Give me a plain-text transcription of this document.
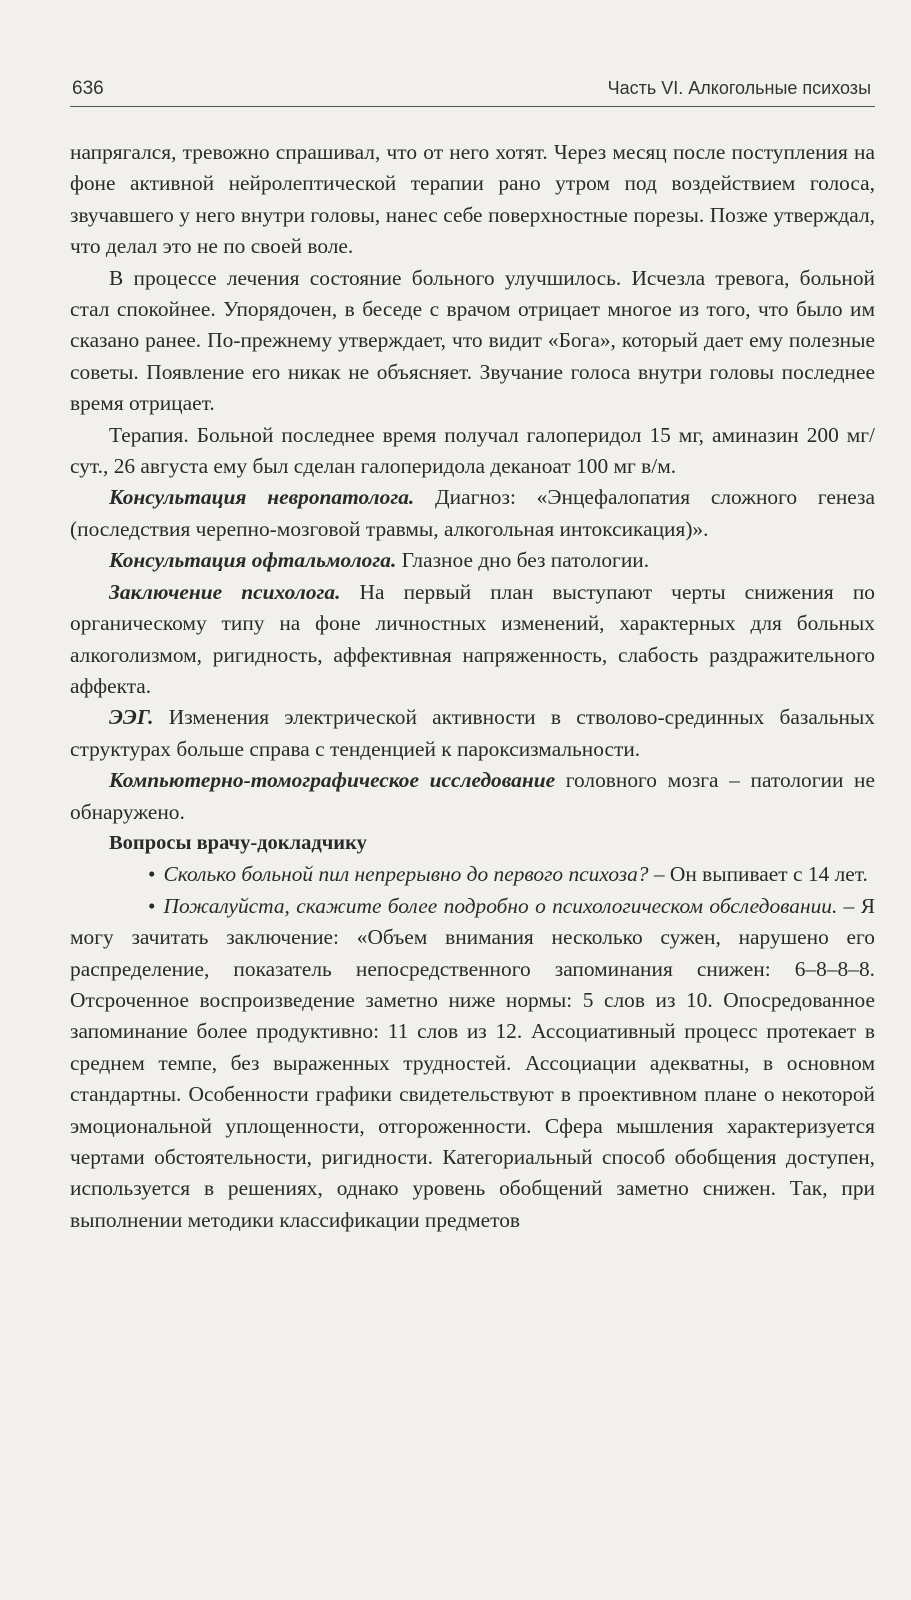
636	Часть VI. Алкогольные психозы

напрягался, тревожно спрашивал, что от него хотят. Через месяц после поступления на фоне активной нейролептической терапии рано утром под воздействием голоса, звучавшего у него внутри головы, нанес себе поверхностные порезы. Позже утверждал, что делал это не по своей воле.

В процессе лечения состояние больного улучшилось. Исчезла тревога, больной стал спокойнее. Упорядочен, в беседе с врачом отрицает многое из того, что было им сказано ранее. По-прежнему утверждает, что видит «Бога», который дает ему полезные советы. Появление его никак не объясняет. Звучание голоса внутри головы последнее время отрицает.

Терапия. Больной последнее время получал галоперидол 15 мг, аминазин 200 мг/сут., 26 августа ему был сделан галоперидола деканоат 100 мг в/м.

Консультация невропатолога. Диагноз: «Энцефалопатия сложного генеза (последствия черепно-мозговой травмы, алкогольная интоксикация)».

Консультация офтальмолога. Глазное дно без патологии.

Заключение психолога. На первый план выступают черты снижения по органическому типу на фоне личностных изменений, характерных для больных алкоголизмом, ригидность, аффективная напряженность, слабость раздражительного аффекта.

ЭЭГ. Изменения электрической активности в стволово-срединных базальных структурах больше справа с тенденцией к пароксизмальности.

Компьютерно-томографическое исследование головного мозга – патологии не обнаружено.

Вопросы врачу-докладчику

• Сколько больной пил непрерывно до первого психоза? – Он выпивает с 14 лет.

• Пожалуйста, скажите более подробно о психологическом обследовании. – Я могу зачитать заключение: «Объем внимания несколько сужен, нарушено его распределение, показатель непосредственного запоминания снижен: 6–8–8–8. Отсроченное воспроизведение заметно ниже нормы: 5 слов из 10. Опосредованное запоминание более продуктивно: 11 слов из 12. Ассоциативный процесс протекает в среднем темпе, без выраженных трудностей. Ассоциации адекватны, в основном стандартны. Особенности графики свидетельствуют в проективном плане о некоторой эмоциональной уплощенности, отгороженности. Сфера мышления характеризуется чертами обстоятельности, ригидности. Категориальный способ обобщения доступен, используется в решениях, однако уровень обобщений заметно снижен. Так, при выполнении методики классификации предметов
